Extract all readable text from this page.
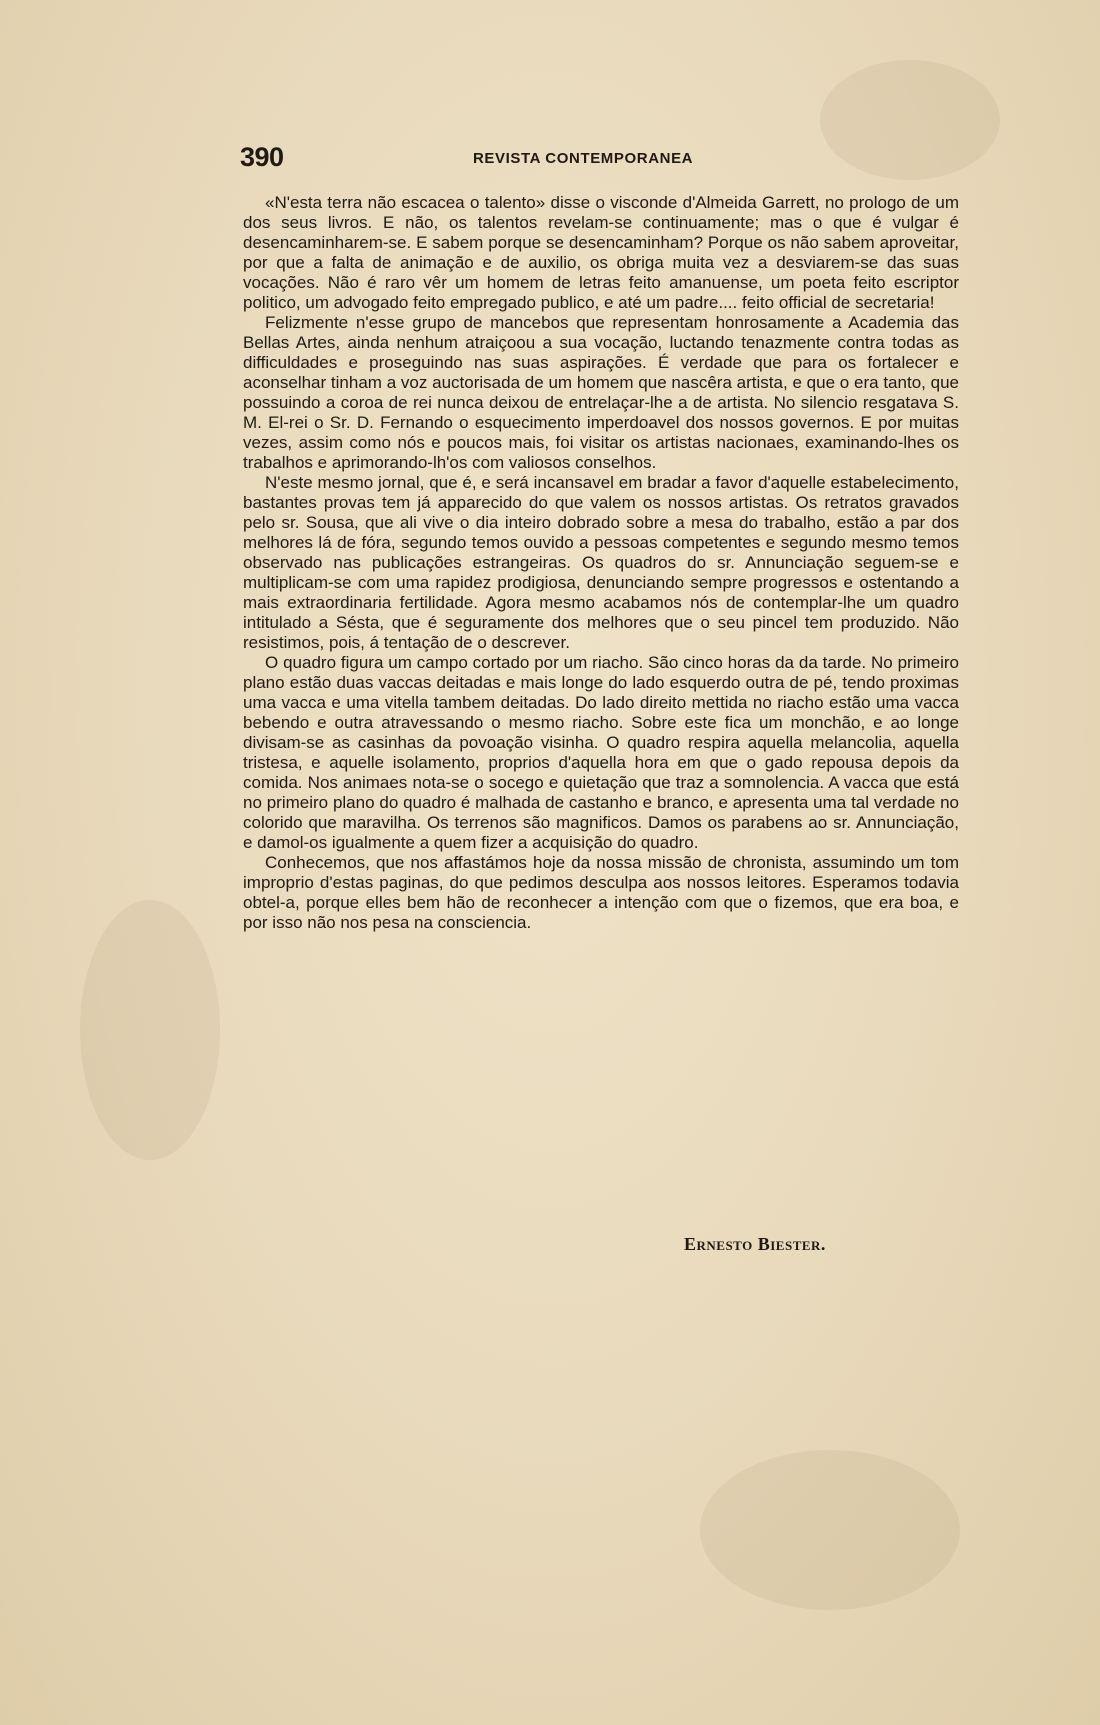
390	REVISTA CONTEMPORANEA

«N'esta terra não escacea o talento» disse o visconde d'Almeida Garrett, no prologo de um dos seus livros. E não, os talentos revelam-se continuamente; mas o que é vulgar é desencaminharem-se. E sabem porque se desencaminham? Porque os não sabem aproveitar, por que a falta de animação e de auxilio, os obriga muita vez a desviarem-se das suas vocações. Não é raro vêr um homem de letras feito amanuense, um poeta feito escriptor politico, um advogado feito empregado publico, e até um padre.... feito official de secretaria!

Felizmente n'esse grupo de mancebos que representam honrosamente a Academia das Bellas Artes, ainda nenhum atraiçoou a sua vocação, luctando tenazmente contra todas as difficuldades e proseguindo nas suas aspirações. É verdade que para os fortalecer e aconselhar tinham a voz auctorisada de um homem que nascêra artista, e que o era tanto, que possuindo a coroa de rei nunca deixou de entrelaçar-lhe a de artista. No silencio resgatava S. M. El-rei o Sr. D. Fernando o esquecimento imperdoavel dos nossos governos. E por muitas vezes, assim como nós e poucos mais, foi visitar os artistas nacionaes, examinando-lhes os trabalhos e aprimorando-lh'os com valiosos conselhos.

N'este mesmo jornal, que é, e será incansavel em bradar a favor d'aquelle estabelecimento, bastantes provas tem já apparecido do que valem os nossos artistas. Os retratos gravados pelo sr. Sousa, que ali vive o dia inteiro dobrado sobre a mesa do trabalho, estão a par dos melhores lá de fóra, segundo temos ouvido a pessoas competentes e segundo mesmo temos observado nas publicações estrangeiras. Os quadros do sr. Annunciação seguem-se e multiplicam-se com uma rapidez prodigiosa, denunciando sempre progressos e ostentando a mais extraordinaria fertilidade. Agora mesmo acabamos nós de contemplar-lhe um quadro intitulado a Sésta, que é seguramente dos melhores que o seu pincel tem produzido. Não resistimos, pois, á tentação de o descrever.

O quadro figura um campo cortado por um riacho. São cinco horas da da tarde. No primeiro plano estão duas vaccas deitadas e mais longe do lado esquerdo outra de pé, tendo proximas uma vacca e uma vitella tambem deitadas. Do lado direito mettida no riacho estão uma vacca bebendo e outra atravessando o mesmo riacho. Sobre este fica um monchão, e ao longe divisam-se as casinhas da povoação visinha. O quadro respira aquella melancolia, aquella tristesa, e aquelle isolamento, proprios d'aquella hora em que o gado repousa depois da comida. Nos animaes nota-se o socego e quietação que traz a somnolencia. A vacca que está no primeiro plano do quadro é malhada de castanho e branco, e apresenta uma tal verdade no colorido que maravilha. Os terrenos são magnificos. Damos os parabens ao sr. Annunciação, e damol-os igualmente a quem fizer a acquisição do quadro.

Conhecemos, que nos affastámos hoje da nossa missão de chronista, assumindo um tom improprio d'estas paginas, do que pedimos desculpa aos nossos leitores. Esperamos todavia obtel-a, porque elles bem hão de reconhecer a intenção com que o fizemos, que era boa, e por isso não nos pesa na consciencia.

Ernesto Biester.
